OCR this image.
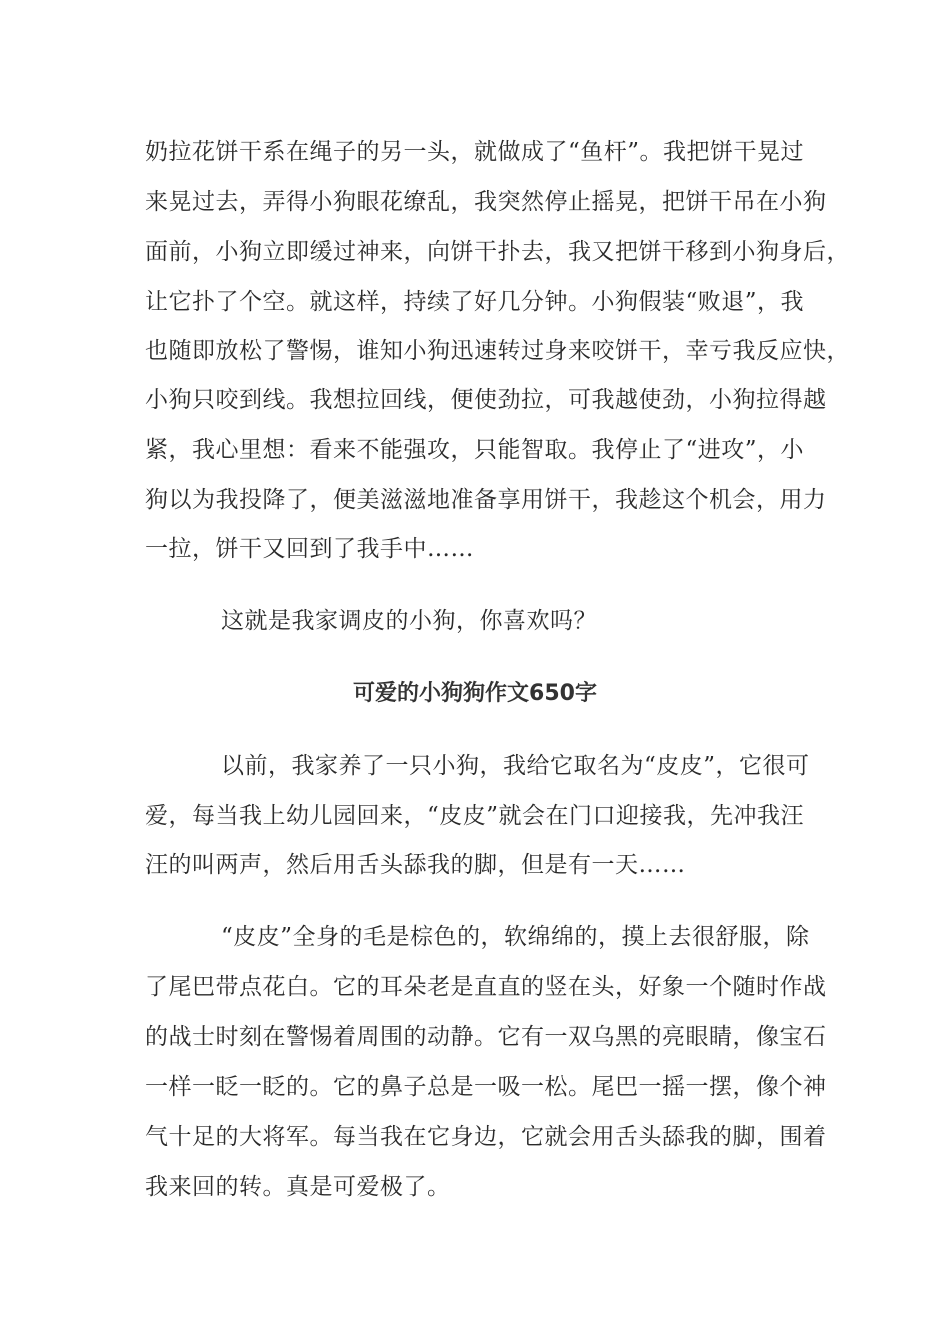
奶拉花饼干系在绳子的另一头，就做成了“鱼杆”。我把饼干晃过
来晃过去，弄得小狗眼花缭乱，我突然停止摇晃，把饼干吊在小狗
面前，小狗立即缓过神来，向饼干扑去，我又把饼干移到小狗身后，
让它扑了个空。就这样，持续了好几分钟。小狗假装“败退”，我
也随即放松了警惕，谁知小狗迅速转过身来咬饼干，幸亏我反应快，
小狗只咬到线。我想拉回线，便使劲拉，可我越使劲，小狗拉得越
紧，我心里想：看来不能强攻，只能智取。我停止了“进攻”，小
狗以为我投降了，便美滋滋地准备享用饼干，我趁这个机会，用力
一拉，饼干又回到了我手中……
这就是我家调皮的小狗，你喜欢吗？
可爱的小狗狗作文650字
以前，我家养了一只小狗，我给它取名为“皮皮”，它很可
爱，每当我上幼儿园回来，“皮皮”就会在门口迎接我，先冲我汪
汪的叫两声，然后用舌头舔我的脚，但是有一天……
“皮皮”全身的毛是棕色的，软绵绵的，摸上去很舒服，除
了尾巴带点花白。它的耳朵老是直直的竖在头，好象一个随时作战
的战士时刻在警惕着周围的动静。它有一双乌黑的亮眼睛，像宝石
一样一眨一眨的。它的鼻子总是一吸一松。尾巴一摇一摆，像个神
气十足的大将军。每当我在它身边，它就会用舌头舔我的脚，围着
我来回的转。真是可爱极了。
